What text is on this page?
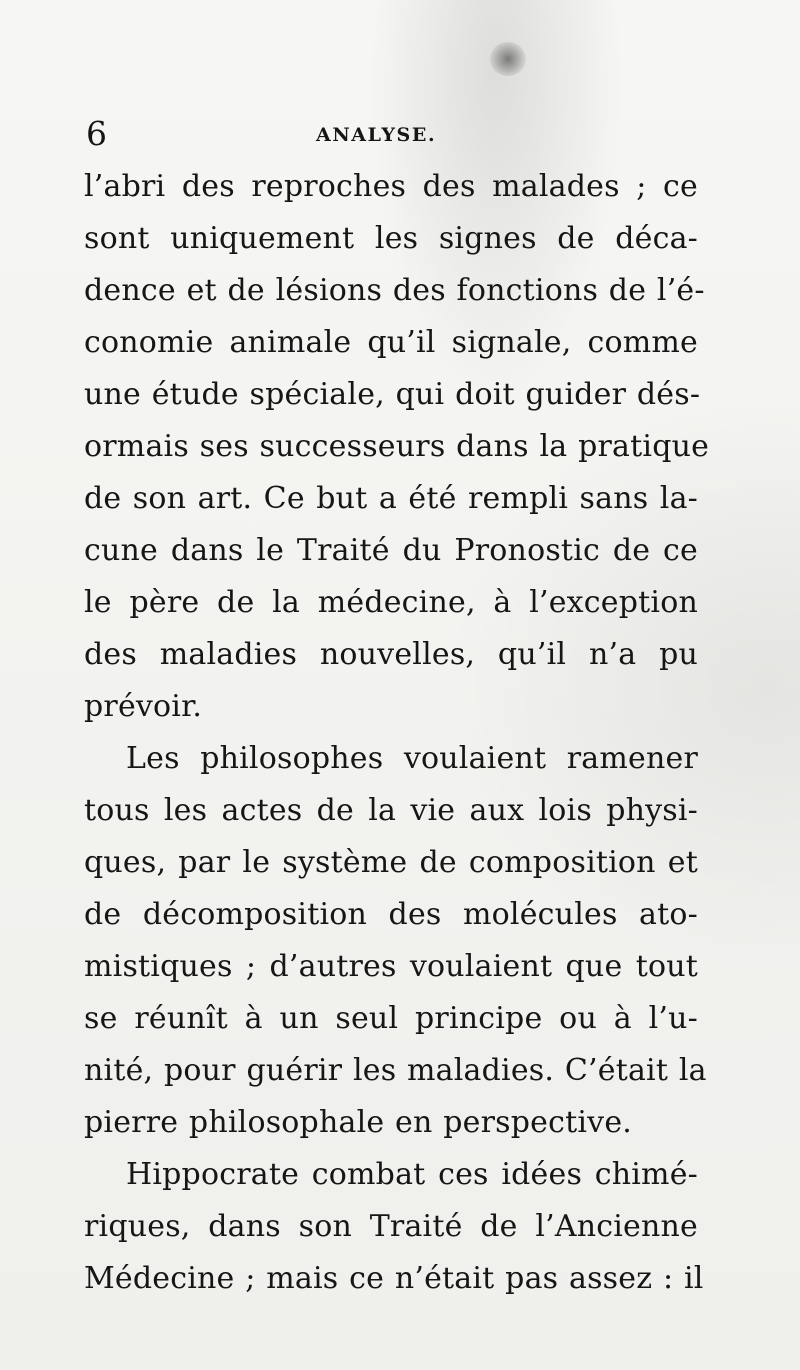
6	ANALYSE.
l’abri des reproches des malades ; ce
sont uniquement les signes de déca-
dence et de lésions des fonctions de l’é-
conomie animale qu’il signale, comme
une étude spéciale, qui doit guider dés-
ormais ses successeurs dans la pratique
de son art. Ce but a été rempli sans la-
cune dans le Traité du Pronostic de ce
le père de la médecine, à l’exception
des maladies nouvelles, qu’il n’a pu
prévoir.
Les philosophes voulaient ramener
tous les actes de la vie aux lois physi-
ques, par le système de composition et
de décomposition des molécules ato-
mistiques ; d’autres voulaient que tout
se réunît à un seul principe ou à l’u-
nité, pour guérir les maladies. C’était la
pierre philosophale en perspective.
Hippocrate combat ces idées chimé-
riques, dans son Traité de l’Ancienne
Médecine ; mais ce n’était pas assez : il
